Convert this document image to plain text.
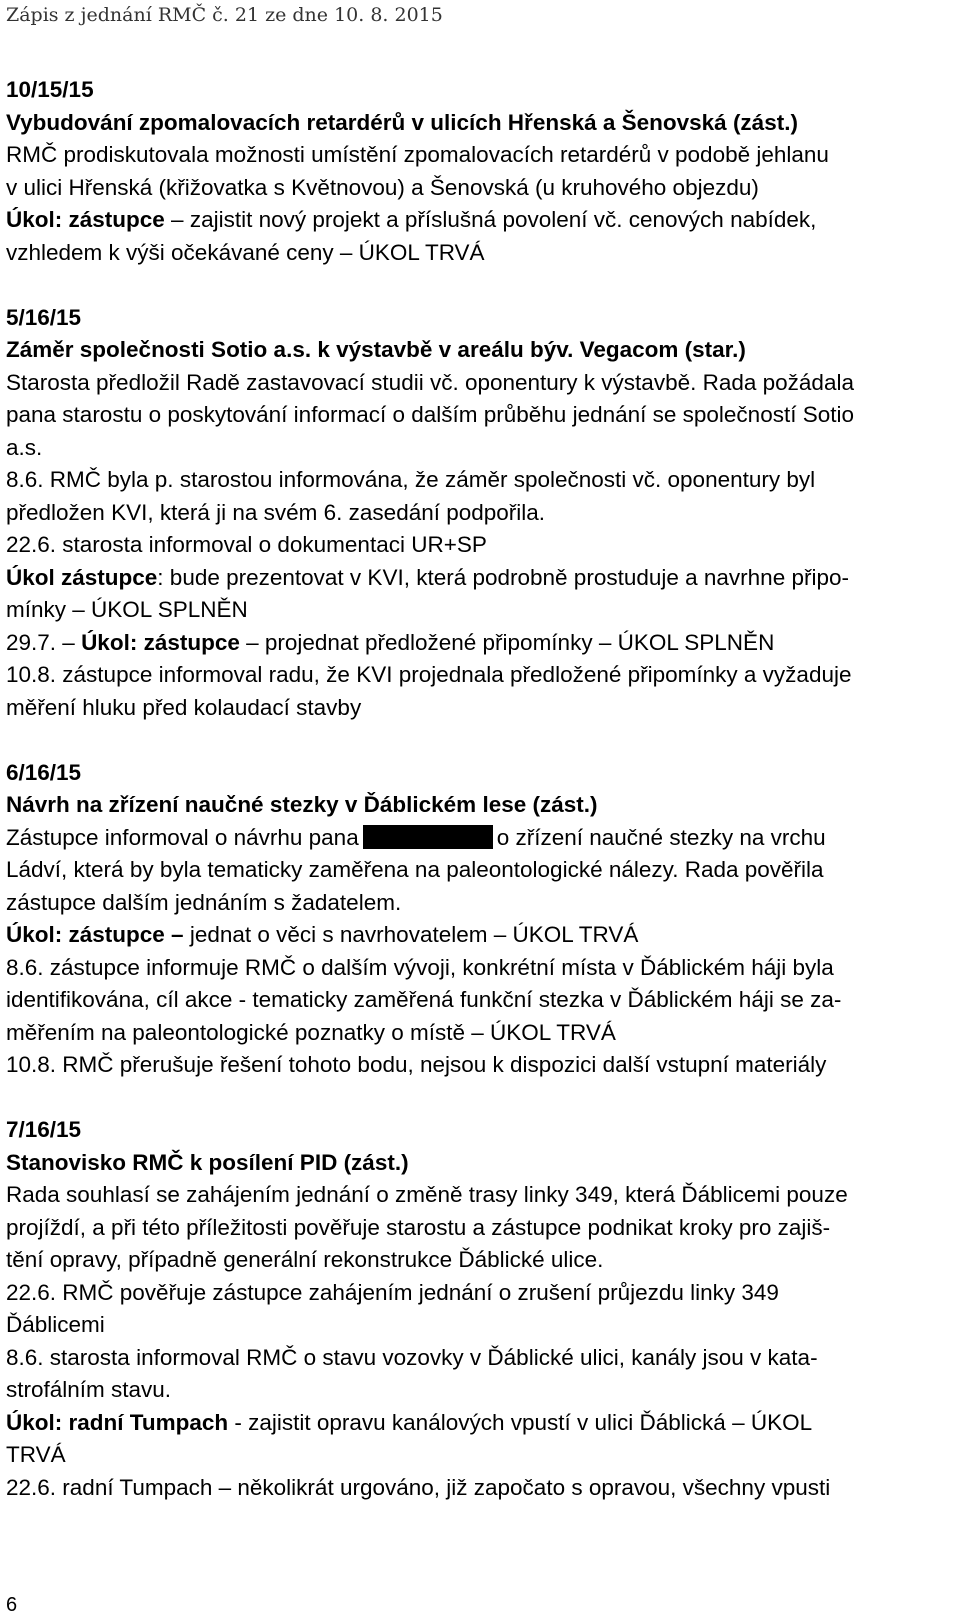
Zápis z jednání RMČ č. 21 ze dne 10. 8. 2015
10/15/15
Vybudování zpomalovacích retardérů v ulicích Hřenská a Šenovská (zást.)
RMČ prodiskutovala možnosti umístění zpomalovacích retardérů v podobě jehlanu
v ulici Hřenská (křižovatka s Květnovou) a Šenovská (u kruhového objezdu)
Úkol: zástupce – zajistit nový projekt a příslušná povolení vč. cenových nabídek,
vzhledem k výši očekávané ceny – ÚKOL TRVÁ
5/16/15
Záměr společnosti Sotio a.s. k výstavbě v areálu býv. Vegacom (star.)
Starosta předložil Radě zastavovací studii vč. oponentury k výstavbě. Rada požádala
pana starostu o poskytování informací o dalším průběhu jednání se společností Sotio
a.s.
8.6. RMČ byla p. starostou informována, že záměr společnosti vč. oponentury byl
předložen KVI, která ji na svém 6. zasedání podpořila.
22.6. starosta informoval o dokumentaci UR+SP
Úkol zástupce: bude prezentovat v KVI, která podrobně prostuduje a navrhne připo-
mínky – ÚKOL SPLNĚN
29.7. – Úkol: zástupce – projednat předložené připomínky – ÚKOL SPLNĚN
10.8. zástupce informoval radu, že KVI projednala předložené připomínky a vyžaduje
měření hluku před kolaudací stavby
6/16/15
Návrh na zřízení naučné stezky v Ďáblickém lese (zást.)
Zástupce informoval o návrhu pana	o zřízení naučné stezky na vrchu
Ládví, která by byla tematicky zaměřena na paleontologické nálezy. Rada pověřila
zástupce dalším jednáním s žadatelem.
Úkol: zástupce – jednat o věci s navrhovatelem – ÚKOL TRVÁ
8.6. zástupce informuje RMČ o dalším vývoji, konkrétní místa v Ďáblickém háji byla
identifikována, cíl akce - tematicky zaměřená funkční stezka v Ďáblickém háji se za-
měřením na paleontologické poznatky o místě – ÚKOL TRVÁ
10.8. RMČ přerušuje řešení tohoto bodu, nejsou k dispozici další vstupní materiály
7/16/15
Stanovisko RMČ k posílení PID (zást.)
Rada souhlasí se zahájením jednání o změně trasy linky 349, která Ďáblicemi pouze
projíždí, a při této příležitosti pověřuje starostu a zástupce podnikat kroky pro zajiš-
tění opravy, případně generální rekonstrukce Ďáblické ulice.
22.6. RMČ pověřuje zástupce zahájením jednání o zrušení průjezdu linky 349
Ďáblicemi
8.6. starosta informoval RMČ o stavu vozovky v Ďáblické ulici, kanály jsou v kata-
strofálním stavu.
Úkol: radní Tumpach - zajistit opravu kanálových vpustí v ulici Ďáblická – ÚKOL
TRVÁ
22.6. radní Tumpach – několikrát urgováno, již započato s opravou, všechny vpusti
6
